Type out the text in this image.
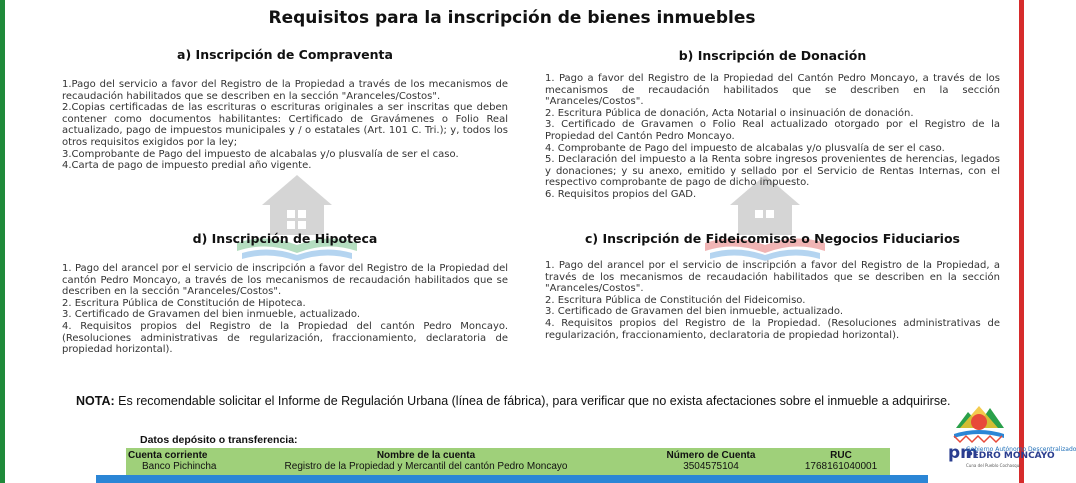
Requisitos para la inscripción de bienes inmuebles
a) Inscripción de Compraventa

1.Pago del servicio a favor del Registro de la Propiedad a través de los mecanismos de recaudación habilitados que se describen en la sección "Aranceles/Costos".

2.Copias certificadas de las escrituras o escrituras originales a ser inscritas que deben contener como documentos habilitantes: Certificado de Gravámenes o Folio Real actualizado, pago de impuestos municipales y / o estatales (Art. 101 C. Tri.); y, todos los otros requisitos exigidos por la ley;

3.Comprobante de Pago del impuesto de alcabalas y/o plusvalía de ser el caso.

4.Carta de pago de impuesto predial año vigente.

b) Inscripción de Donación

1. Pago a favor del Registro de la Propiedad del Cantón Pedro Moncayo, a través de los mecanismos de recaudación habilitados que se describen en la sección "Aranceles/Costos".

2. Escritura Pública de donación, Acta Notarial o insinuación de donación.

3. Certificado de Gravamen o Folio Real actualizado otorgado por el Registro de la Propiedad del Cantón Pedro Moncayo.

4. Comprobante de Pago del impuesto de alcabalas y/o plusvalía de ser el caso.

5. Declaración del impuesto a la Renta sobre ingresos provenientes de herencias, legados y donaciones; y su anexo, emitido y sellado por el Servicio de Rentas Internas, con el respectivo comprobante de pago de dicho impuesto.

6. Requisitos propios del GAD.

d) Inscripción de Hipoteca

1. Pago del arancel por el servicio de inscripción a favor del Registro de la Propiedad del cantón Pedro Moncayo, a través de los mecanismos de recaudación habilitados que se describen en la sección "Aranceles/Costos".

2. Escritura Pública de Constitución de Hipoteca.

3. Certificado de Gravamen del bien inmueble, actualizado.

4. Requisitos propios del Registro de la Propiedad del cantón Pedro Moncayo. (Resoluciones administrativas de regularización, fraccionamiento, declaratoria de propiedad horizontal).

c) Inscripción de Fideicomisos o Negocios Fiduciarios

1. Pago del arancel por el servicio de inscripción a favor del Registro de la Propiedad, a través de los mecanismos de recaudación habilitados que se describen en la sección "Aranceles/Costos".

2. Escritura Pública de Constitución del Fideicomiso.

3. Certificado de Gravamen del bien inmueble, actualizado.

4. Requisitos propios del Registro de la Propiedad. (Resoluciones administrativas de regularización, fraccionamiento, declaratoria de propiedad horizontal).

NOTA: Es recomendable solicitar el Informe de Regulación Urbana (línea de fábrica), para verificar que no exista afectaciones sobre el inmueble a adquirirse.
Datos depósito o transferencia:
Cuenta corriente	Nombre de la cuenta	Número de Cuenta	RUC
Banco Pichincha	Registro de la Propiedad y Mercantil del cantón Pedro Moncayo	3504575104	1768161040001
pm
Gobierno Autónomo Descentralizado
PEDRO MONCAYO
Cuna del Pueblo Cochasquí
